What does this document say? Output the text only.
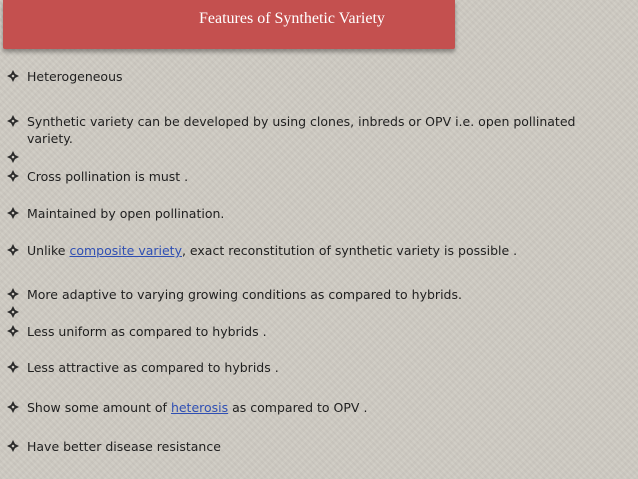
Features of Synthetic Variety
Heterogeneous
Synthetic variety can be developed by using clones, inbreds or OPV i.e. open pollinated
variety.
Cross pollination is must .
Maintained by open pollination.
Unlike composite variety, exact reconstitution of synthetic variety is possible .
More adaptive to varying growing conditions as compared to hybrids.
Less uniform as compared to hybrids .
Less attractive as compared to hybrids .
Show some amount of heterosis as compared to OPV .
Have better disease resistance
